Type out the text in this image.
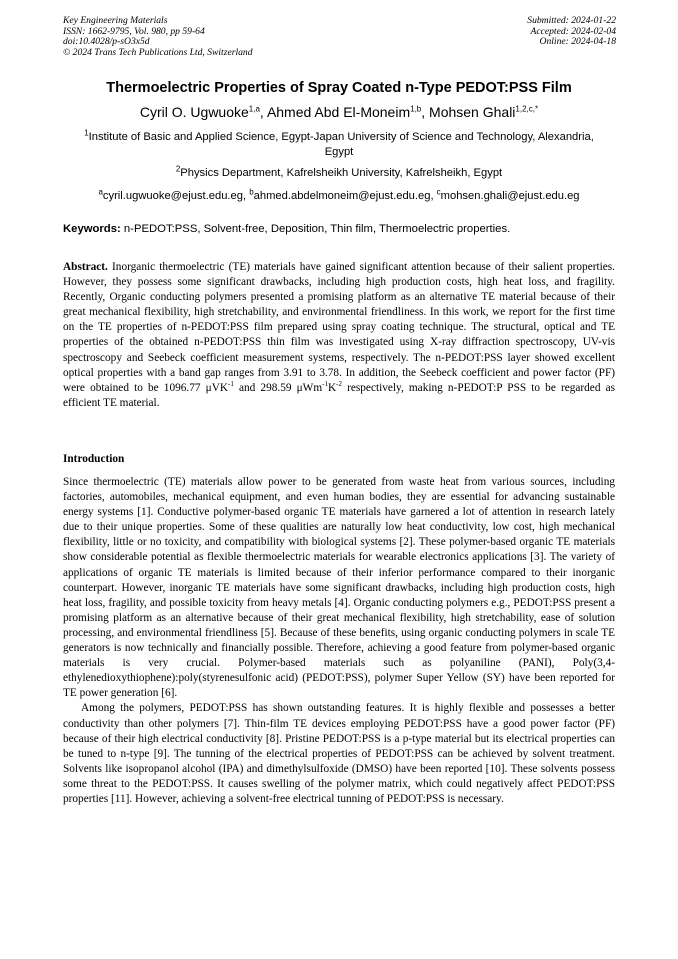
Key Engineering Materials
ISSN: 1662-9795, Vol. 980, pp 59-64
doi:10.4028/p-sO3x5d
© 2024 Trans Tech Publications Ltd, Switzerland
Submitted: 2024-01-22
Accepted: 2024-02-04
Online: 2024-04-18
Thermoelectric Properties of Spray Coated n-Type PEDOT:PSS Film
Cyril O. Ugwuoke$^{1,a}$, Ahmed Abd El-Moneim$^{1,b}$, Mohsen Ghali$^{1,2,c,*}$
$^1$Institute of Basic and Applied Science, Egypt-Japan University of Science and Technology, Alexandria, Egypt
$^2$Physics Department, Kafrelsheikh University, Kafrelsheikh, Egypt
$^a$cyril.ugwuoke@ejust.edu.eg, $^b$ahmed.abdelmoneim@ejust.edu.eg, $^c$mohsen.ghali@ejust.edu.eg
Keywords: n-PEDOT:PSS, Solvent-free, Deposition, Thin film, Thermoelectric properties.
Abstract. Inorganic thermoelectric (TE) materials have gained significant attention because of their salient properties. However, they possess some significant drawbacks, including high production costs, high heat loss, and fragility. Recently, Organic conducting polymers presented a promising platform as an alternative TE material because of their great mechanical flexibility, high stretchability, and environmental friendliness. In this work, we report for the first time on the TE properties of n-PEDOT:PSS film prepared using spray coating technique. The structural, optical and TE properties of the obtained n-PEDOT:PSS thin film was investigated using X-ray diffraction spectroscopy, UV-vis spectroscopy and Seebeck coefficient measurement systems, respectively. The n-PEDOT:PSS layer showed excellent optical properties with a band gap ranges from 3.91 to 3.78. In addition, the Seebeck coefficient and power factor (PF) were obtained to be 1096.77 μVK$^{-1}$ and 298.59 $\mu Wm^{-1}K^{-2}$ respectively, making n-PEDOT:P PSS to be regarded as efficient TE material.
Introduction

Since thermoelectric (TE) materials allow power to be generated from waste heat from various sources, including factories, automobiles, mechanical equipment, and even human bodies, they are essential for advancing sustainable energy systems [1]. Conductive polymer-based organic TE materials have garnered a lot of attention in research lately due to their unique properties. Some of these qualities are naturally low heat conductivity, low cost, high mechanical flexibility, little or no toxicity, and compatibility with biological systems [2]. These polymer-based organic TE materials show considerable potential as flexible thermoelectric materials for wearable electronics applications [3]. The variety of applications of organic TE materials is limited because of their inferior performance compared to their inorganic counterpart. However, inorganic TE materials have some significant drawbacks, including high production costs, high heat loss, fragility, and possible toxicity from heavy metals [4]. Organic conducting polymers e.g., PEDOT:PSS present a promising platform as an alternative because of their great mechanical flexibility, high stretchability, ease of solution processing, and environmental friendliness [5]. Because of these benefits, using organic conducting polymers in scale TE generators is now technically and financially possible. Therefore, achieving a good feature from polymer-based organic materials is very crucial. Polymer-based materials such as polyaniline (PANI), Poly(3,4-ethylenedioxythiophene):poly(styrenesulfonic acid) (PEDOT:PSS), polymer Super Yellow (SY) have been reported for TE power generation [6].

Among the polymers, PEDOT:PSS has shown outstanding features. It is highly flexible and possesses a better conductivity than other polymers [7]. Thin-film TE devices employing PEDOT:PSS have a good power factor (PF) because of their high electrical conductivity [8]. Pristine PEDOT:PSS is a p-type material but its electrical properties can be tuned to n-type [9]. The tunning of the electrical properties of PEDOT:PSS can be achieved by solvent treatment. Solvents like isopropanol alcohol (IPA) and dimethylsulfoxide (DMSO) have been reported [10]. These solvents possess some threat to the PEDOT:PSS. It causes swelling of the polymer matrix, which could negatively affect PEDOT:PSS properties [11]. However, achieving a solvent-free electrical tunning of PEDOT:PSS is necessary.
